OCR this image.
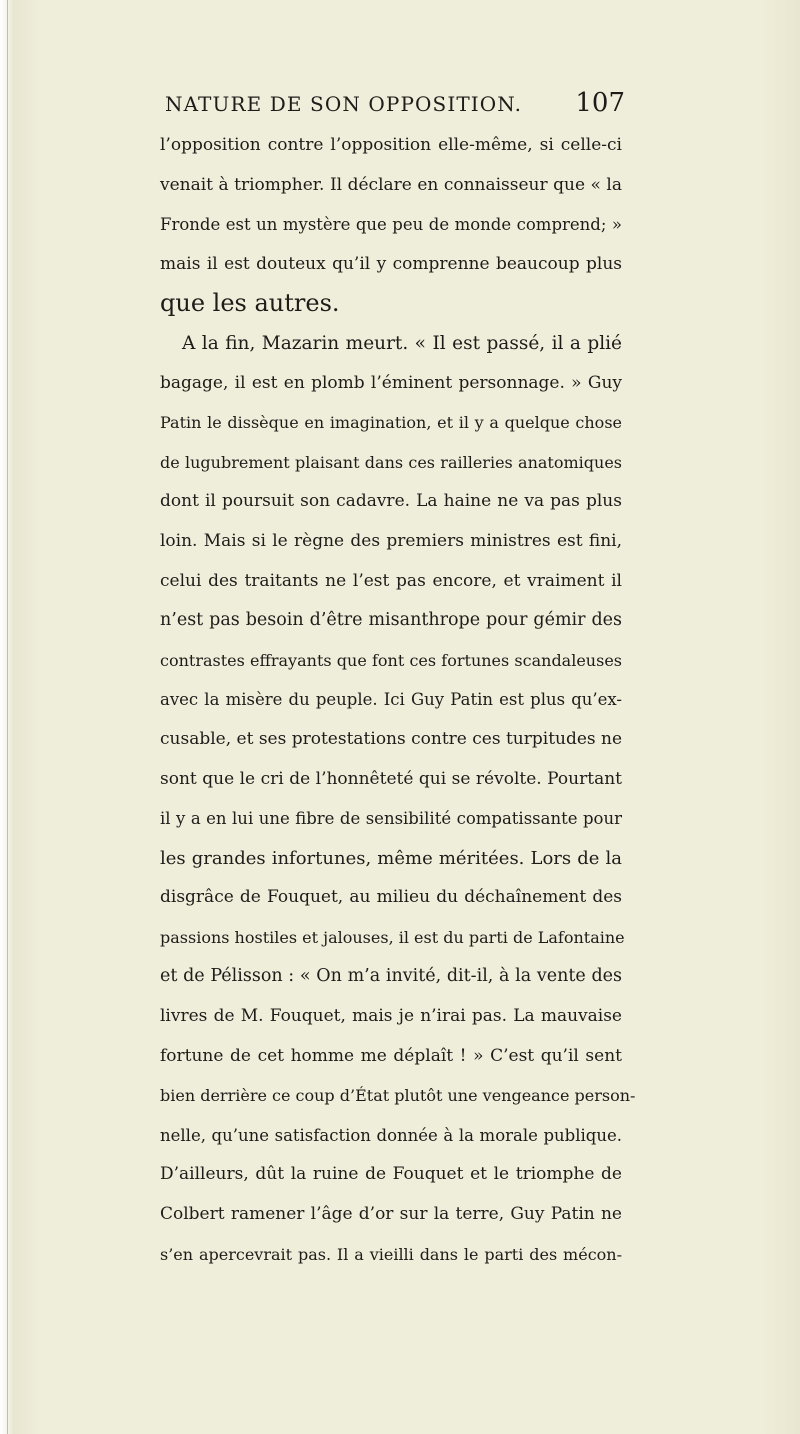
NATURE DE SON OPPOSITION. 107
l’opposition contre l’opposition elle-même, si celle-ci
venait à triompher. Il déclare en connaisseur que « la
Fronde est un mystère que peu de monde comprend; »
mais il est douteux qu’il y comprenne beaucoup plus
que les autres.
A la fin, Mazarin meurt. « Il est passé, il a plié
bagage, il est en plomb l’éminent personnage. » Guy
Patin le dissèque en imagination, et il y a quelque chose
de lugubrement plaisant dans ces railleries anatomiques
dont il poursuit son cadavre. La haine ne va pas plus
loin. Mais si le règne des premiers ministres est fini,
celui des traitants ne l’est pas encore, et vraiment il
n’est pas besoin d’être misanthrope pour gémir des
contrastes effrayants que font ces fortunes scandaleuses
avec la misère du peuple. Ici Guy Patin est plus qu’ex-
cusable, et ses protestations contre ces turpitudes ne
sont que le cri de l’honnêteté qui se révolte. Pourtant
il y a en lui une fibre de sensibilité compatissante pour
les grandes infortunes, même méritées. Lors de la
disgrâce de Fouquet, au milieu du déchaînement des
passions hostiles et jalouses, il est du parti de Lafontaine
et de Pélisson : « On m’a invité, dit-il, à la vente des
livres de M. Fouquet, mais je n’irai pas. La mauvaise
fortune de cet homme me déplaît ! » C’est qu’il sent
bien derrière ce coup d’État plutôt une vengeance person-
nelle, qu’une satisfaction donnée à la morale publique.
D’ailleurs, dût la ruine de Fouquet et le triomphe de
Colbert ramener l’âge d’or sur la terre, Guy Patin ne
s’en apercevrait pas. Il a vieilli dans le parti des mécon-
